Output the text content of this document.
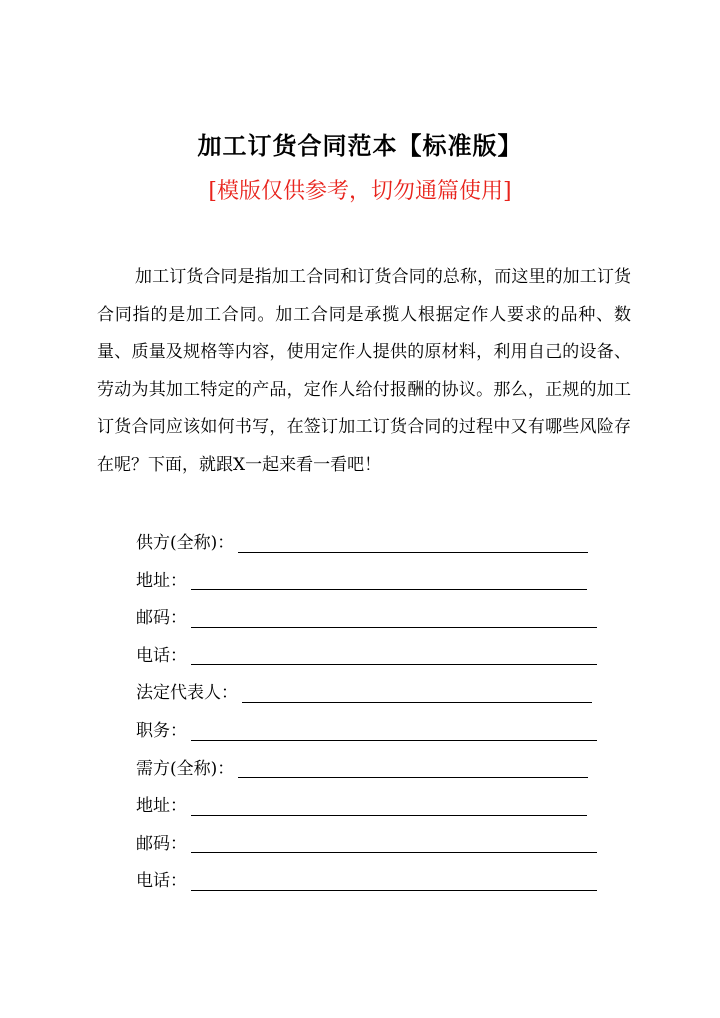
加工订货合同范本【标准版】
[模版仅供参考，切勿通篇使用]

加工订货合同是指加工合同和订货合同的总称，而这里的加工订货合同指的是加工合同。加工合同是承揽人根据定作人要求的品种、数量、质量及规格等内容，使用定作人提供的原材料，利用自己的设备、劳动为其加工特定的产品，定作人给付报酬的协议。那么，正规的加工订货合同应该如何书写，在签订加工订货合同的过程中又有哪些风险存在呢？下面，就跟X一起来看一看吧！

供方(全称)：
地址：
邮码：
电话：
法定代表人：
职务：
需方(全称)：
地址：
邮码：
电话：
